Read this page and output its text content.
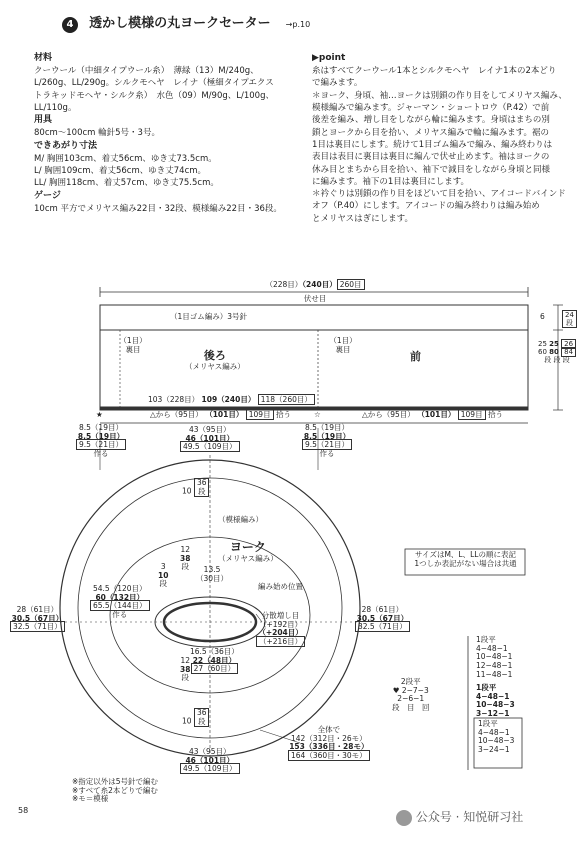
4 透かし模様の丸ヨークセーター →p.10
材料
クーウール（中細タイプウール糸）　薄緑（13）M/240g、
L/260g、LL/290g。シルクモヘヤ　レイナ（極細タイプエクス
トラキッドモヘヤ・シルク糸）　水色（09）M/90g、L/100g、
LL/110g。
用具
80cm〜100cm 輪針5号・3号。
できあがり寸法
M/ 胸囲103cm、着丈56cm、ゆき丈73.5cm。
L/ 胸囲109cm、着丈56cm、ゆき丈74cm。
LL/ 胸囲118cm、着丈57cm、ゆき丈75.5cm。
ゲージ
10cm 平方でメリヤス編み22目・32段、模様編み22目・36段。
▶point
糸はすべてクーウール1本とシルクモヘヤ　レイナ1本の2本どり
で編みます。
＊ヨーク、身頃、袖…ヨークは別鎖の作り目をしてメリヤス編み、
模様編みで編みます。ジャーマン・ショートロウ（P.42）で前
後差を編み、増し目をしながら輪に編みます。身頃はまちの別
鎖とヨークから目を拾い、メリヤス編みで輪に編みます。裾の
1目は裏目にします。続けて1目ゴム編みで編み、編み終わりは
表目は表目に裏目は裏目に編んで伏せ止めます。袖はヨークの
休み目とまちから目を拾い、袖下で減目をしながら身頃と同様
に編みます。袖下の1目は裏目にします。
＊衿ぐりは別鎖の作り目をほどいて目を拾い、アイコードバインド
オフ（P.40）にします。アイコードの編み終わりは編み始め
とメリヤスはぎにします。
（228目）（240目） 260目
伏せ目
（1目ゴム編み）3号針	6	24
段
25 25 26
60 80 84
段 段 段
（1目）
裏目	後ろ
（メリヤス編み）
（1目）
裏目
前
103（228目） 109（240目） 118（260目）
★	△から（95目） （101目） 109目 拾う	☆	△から（95目） （101目） 109目 拾う
8.5（19目）
8.5（19目）
9.5（21目）
作る
8.5（19目）
8.5（19目）
9.5（21目）
作る
43（95目）
46（101目）
49.5（109目）
10 36
段
（模様編み）
12
38
段
ヨーク
（メリヤス編み）
3
10
段
13.5
（30目）
編み始め位置
54.5（120目）
60（132目）
65.5（144目）
作る	分散増し目
（+192目）
（+204目）
（+216目）
16.5（36目）
22（48目）
27（60目）
12
38
段
10 36
段
43（95目）
46（101目）
49.5（109目）
28（61目）
30.5（67目）
32.5（71目）
28（61目）
30.5（67目）
32.5（71目）
全体で
142（312目・26モ）
153（336目・28モ）
164（360目・30モ）
サイズはM、L、LLの順に表記
1つしか表記がない場合は共通
2段平
♥ 2−7−3
2−6−1
段　目　回
1段平
4−48−1
10−48−1
12−48−1
11−48−1
1段平
4−48−1
10−48−3
3−12−1
1段平
4−48−1
10−48−3
3−24−1
※指定以外は5号針で編む
※すべて糸2本どりで編む
※モ＝模様
58	公众号 · 知悦研习社
